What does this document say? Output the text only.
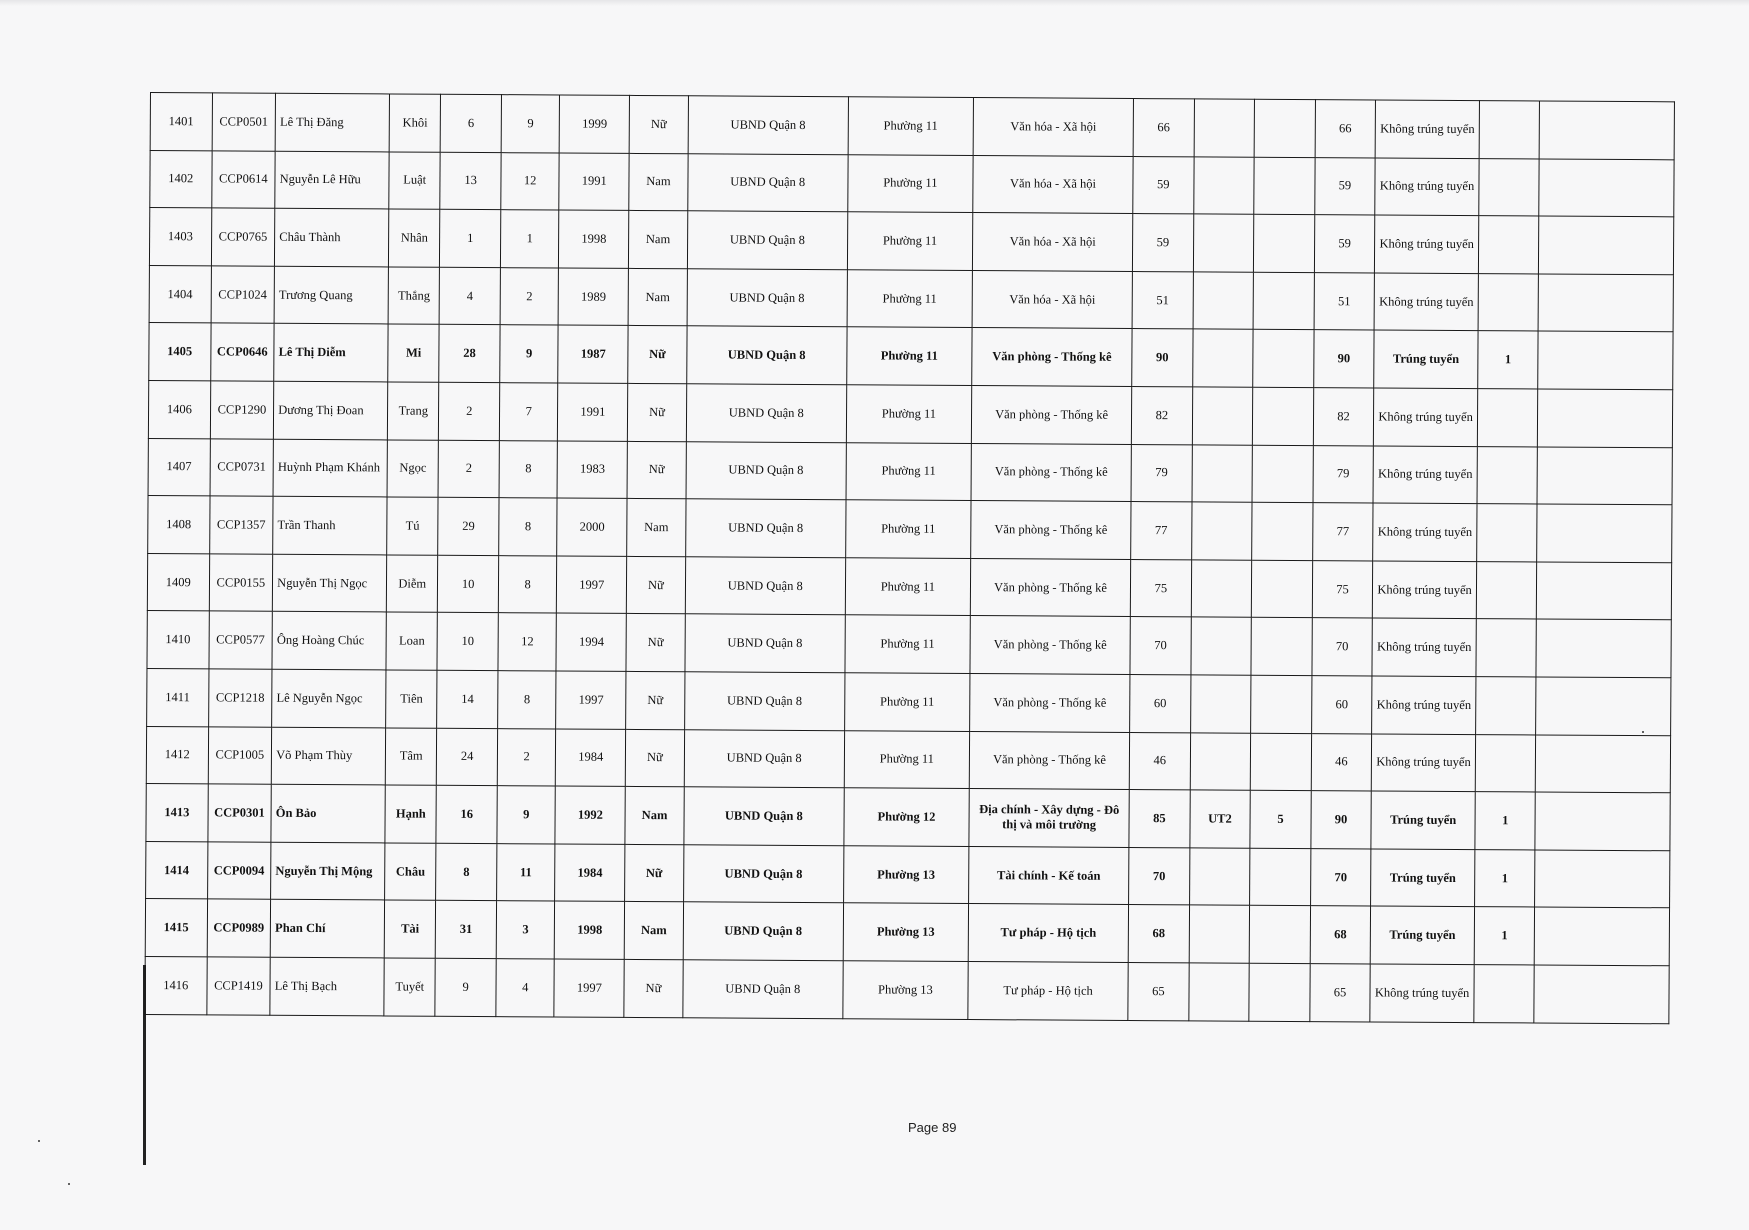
1401	CCP0501	Lê Thị Đăng	Khôi	6	9	1999	Nữ	UBND Quận 8	Phường 11	Văn hóa - Xã hội	66			66	Không trúng tuyển		
1402	CCP0614	Nguyễn Lê Hữu	Luật	13	12	1991	Nam	UBND Quận 8	Phường 11	Văn hóa - Xã hội	59			59	Không trúng tuyển		
1403	CCP0765	Châu Thành	Nhân	1	1	1998	Nam	UBND Quận 8	Phường 11	Văn hóa - Xã hội	59			59	Không trúng tuyển		
1404	CCP1024	Trương Quang	Thắng	4	2	1989	Nam	UBND Quận 8	Phường 11	Văn hóa - Xã hội	51			51	Không trúng tuyển		
1405	CCP0646	Lê Thị Diễm	Mi	28	9	1987	Nữ	UBND Quận 8	Phường 11	Văn phòng - Thống kê	90			90	Trúng tuyển	1	
1406	CCP1290	Dương Thị Đoan	Trang	2	7	1991	Nữ	UBND Quận 8	Phường 11	Văn phòng - Thống kê	82			82	Không trúng tuyển		
1407	CCP0731	Huỳnh Phạm Khánh	Ngọc	2	8	1983	Nữ	UBND Quận 8	Phường 11	Văn phòng - Thống kê	79			79	Không trúng tuyển		
1408	CCP1357	Trần Thanh	Tú	29	8	2000	Nam	UBND Quận 8	Phường 11	Văn phòng - Thống kê	77			77	Không trúng tuyển		
1409	CCP0155	Nguyễn Thị Ngọc	Diễm	10	8	1997	Nữ	UBND Quận 8	Phường 11	Văn phòng - Thống kê	75			75	Không trúng tuyển		
1410	CCP0577	Ông Hoàng Chúc	Loan	10	12	1994	Nữ	UBND Quận 8	Phường 11	Văn phòng - Thống kê	70			70	Không trúng tuyển		
1411	CCP1218	Lê Nguyễn Ngọc	Tiên	14	8	1997	Nữ	UBND Quận 8	Phường 11	Văn phòng - Thống kê	60			60	Không trúng tuyển		
1412	CCP1005	Võ Phạm Thùy	Tâm	24	2	1984	Nữ	UBND Quận 8	Phường 11	Văn phòng - Thống kê	46			46	Không trúng tuyển		
1413	CCP0301	Ôn Bảo	Hạnh	16	9	1992	Nam	UBND Quận 8	Phường 12	Địa chính - Xây dựng - Đô thị và môi trường	85	UT2	5	90	Trúng tuyển	1	
1414	CCP0094	Nguyễn Thị Mộng	Châu	8	11	1984	Nữ	UBND Quận 8	Phường 13	Tài chính - Kế toán	70			70	Trúng tuyển	1	
1415	CCP0989	Phan Chí	Tài	31	3	1998	Nam	UBND Quận 8	Phường 13	Tư pháp - Hộ tịch	68			68	Trúng tuyển	1	
1416	CCP1419	Lê Thị Bạch	Tuyết	9	4	1997	Nữ	UBND Quận 8	Phường 13	Tư pháp - Hộ tịch	65			65	Không trúng tuyển		
Page 89
